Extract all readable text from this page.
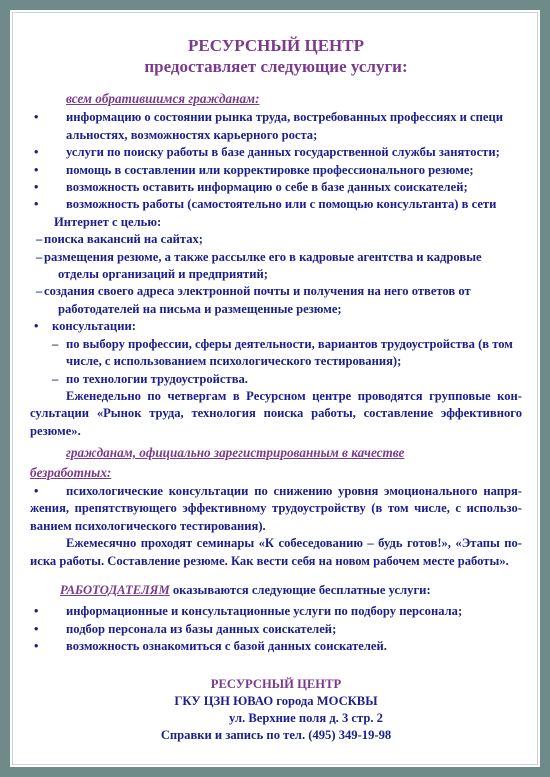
РЕСУРСНЫЙ ЦЕНТР
предоставляет следующие услуги:
всем обратившимся гражданам:
• информацию о состоянии рынка труда, востребованных профессиях и специ
альностях, возможностях карьерного роста;
• услуги по поиску работы в базе данных государственной службы занятости;
• помощь в составлении или корректировке профессионального резюме;
• возможность оставить информацию о себе в базе данных соискателей;
• возможность работы (самостоятельно или с помощью консультанта) в сети
Интернет с целью:
– поиска вакансий на сайтах;
– размещения резюме, а также рассылке его в кадровые агентства и кадровые
отделы организаций и предприятий;
– создания своего адреса электронной почты и получения на него ответов от
работодателей на письма и размещенные резюме;
• консультации:
– по выбору профессии, сферы деятельности, вариантов трудоустройства (в том
числе, с использованием психологического тестирования);
– по технологии трудоустройства.
Еженедельно по четвергам в Ресурсном центре проводятся групповые кон-сультации «Рынок труда, технология поиска работы, составление эффективного резюме».
гражданам, официально зарегистрированным в качестве
безработных:
• психологические консультации по снижению уровня эмоционального напря-жения, препятствующего эффективному трудоустройству (в том числе, с использо-ванием психологического тестирования).
Ежемесячно проходят семинары «К собеседованию – будь готов!», «Этапы по-иска работы. Составление резюме. Как вести себя на новом рабочем месте работы».
РАБОТОДАТЕЛЯМ оказываются следующие бесплатные услуги:
• информационные и консультационные услуги по подбору персонала;
• подбор персонала из базы данных соискателей;
• возможность ознакомиться с базой данных соискателей.
РЕСУРСНЫЙ ЦЕНТР
ГКУ ЦЗН ЮВАО города МОСКВЫ
ул. Верхние поля д. 3 стр. 2
Справки и запись по тел. (495) 349-19-98
